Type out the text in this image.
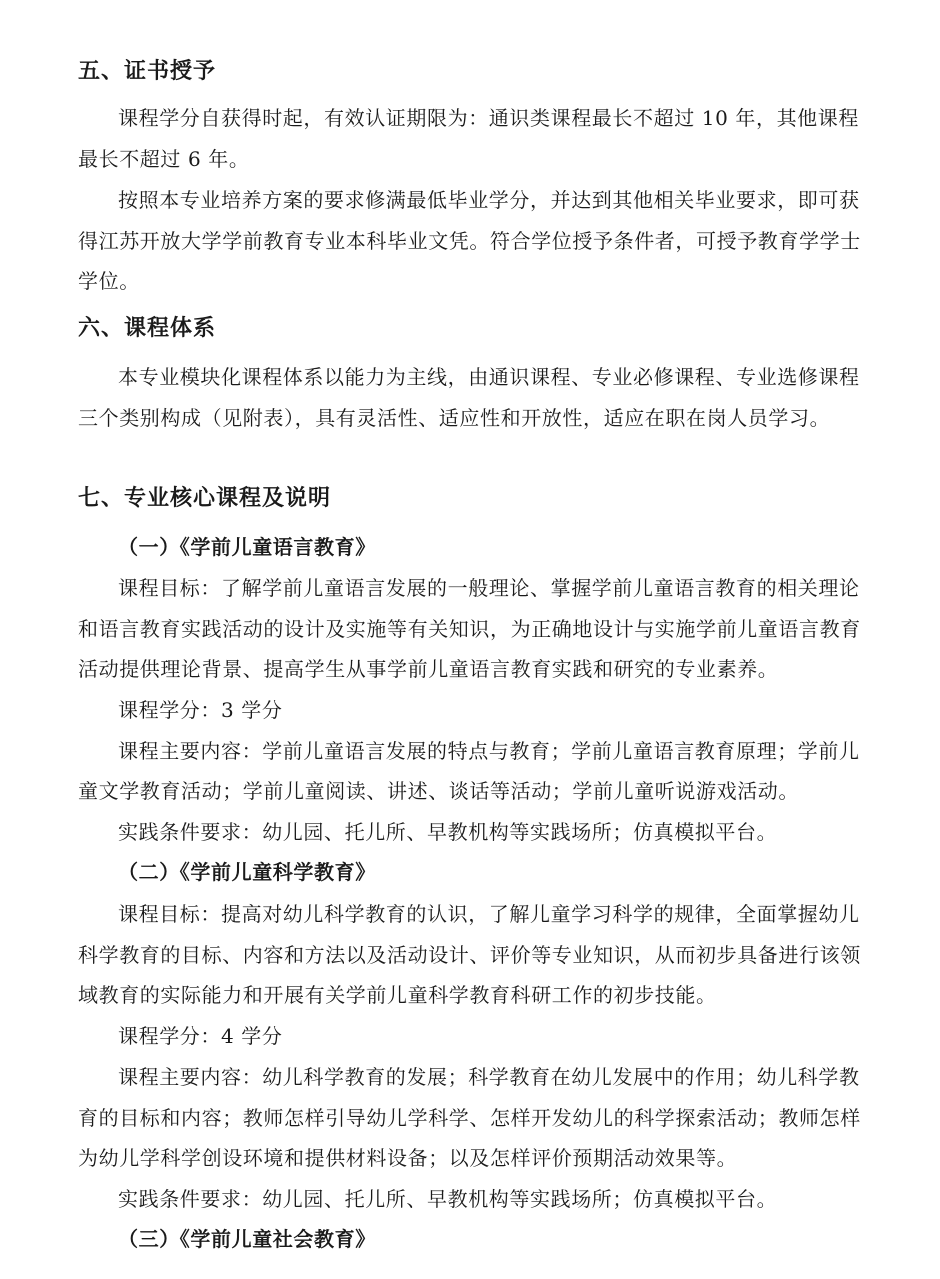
五、证书授予
课程学分自获得时起，有效认证期限为：通识类课程最长不超过 10 年，其他课程
最长不超过 6 年。
按照本专业培养方案的要求修满最低毕业学分，并达到其他相关毕业要求，即可获
得江苏开放大学学前教育专业本科毕业文凭。符合学位授予条件者，可授予教育学学士
学位。
六、课程体系
本专业模块化课程体系以能力为主线，由通识课程、专业必修课程、专业选修课程
三个类别构成（见附表），具有灵活性、适应性和开放性，适应在职在岗人员学习。
七、专业核心课程及说明
（一）《学前儿童语言教育》
课程目标：了解学前儿童语言发展的一般理论、掌握学前儿童语言教育的相关理论
和语言教育实践活动的设计及实施等有关知识，为正确地设计与实施学前儿童语言教育
活动提供理论背景、提高学生从事学前儿童语言教育实践和研究的专业素养。
课程学分：3 学分
课程主要内容：学前儿童语言发展的特点与教育；学前儿童语言教育原理；学前儿
童文学教育活动；学前儿童阅读、讲述、谈话等活动；学前儿童听说游戏活动。
实践条件要求：幼儿园、托儿所、早教机构等实践场所；仿真模拟平台。
（二）《学前儿童科学教育》
课程目标：提高对幼儿科学教育的认识，了解儿童学习科学的规律，全面掌握幼儿
科学教育的目标、内容和方法以及活动设计、评价等专业知识，从而初步具备进行该领
域教育的实际能力和开展有关学前儿童科学教育科研工作的初步技能。
课程学分：4 学分
课程主要内容：幼儿科学教育的发展；科学教育在幼儿发展中的作用；幼儿科学教
育的目标和内容；教师怎样引导幼儿学科学、怎样开发幼儿的科学探索活动；教师怎样
为幼儿学科学创设环境和提供材料设备；以及怎样评价预期活动效果等。
实践条件要求：幼儿园、托儿所、早教机构等实践场所；仿真模拟平台。
（三）《学前儿童社会教育》
